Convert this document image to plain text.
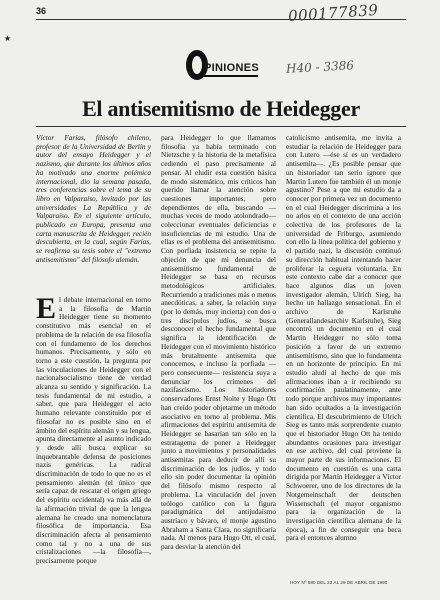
36
★
000177839
H40 - 3386
PINIONES
El antisemitismo de Heidegger

Víctor Farías, filósofo chileno, profesor de la Universidad de Berlín y autor del ensayo Heidegger y el nazismo, que durante los últimos años ha motivado una enorme polémica internacional, dio la semana pasada, tres conferencias sobre el tema de su libro en Valparaíso, invitado por las universidades La República y de Valparaíso. En el siguiente artículo, publicado en Europa, presenta una carta manuscrita de Heidegger, recién descubierta, en la cual, según Farías, se reafirma su tesis sobre el "extremo antisemitismo" del filósofo alemán.

E l debate internacional en torno a la filosofía de Martín Heidegger tiene su momento constitutivo más esencial en el problema de la relación de esa filosofía con el fundamento de los derechos humanos. Precisamente, y sólo en torno a este cuestión, la pregunta por las vinculaciones de Heidegger con el nacionalsocialismo tiene de verdad alcanza su sentido y significación. La tesis fundamental de mi estudio, a saber, que para Heidegger el acto humano relevante constituido por el filosofar no es posible sino en el ámbito del espíritu alemán y su lengua, apunta directamente al asunto indicado y desde allí busca explicar su inquebrantable defensa de posiciones nazis genéricas. La radical discriminación de todo lo que no es el pensamiento alemán (el único que sería capaz de rescatar el origen griego del espíritu occidental) va más allá de la afirmación trivial de que la lengua alemana he creado una nomenclatura filosófica de importancia. Esa discriminación afecta al pensamiento como tal y no a una de sus cristalizaciones —la filosofía—, precisamente porque

para Heidegger lo que llamamos filosofía ya había terminado con Nietzsche y la historia de la metafísica cediendo el paso precisamente al pensar. Al eludir esta cuestión básica de modo sistemático, mis críticos han querido llamar la atención sobre cuestiones importantes, pero dependientes de ella, buscando —muchas veces de modo atolondrado— coleccionar eventuales deficiencias e insuficiencias de mi estudio. Una de ellas es el problema del antisemitismo. Con porfiada insistencia se repite la objeción de que mi denuncia del antisemitismo fundamental de Heidegger se basa en recursos metodológicos artificiales. Recurriendo a tradiciones más o menos anecdóticas, a saber, la relación suya (por lo demás, muy incierta) con dos o tres discípulos judíos, se busca desconocer el hecho fundamental que significa la identificación de Heidegger con el movimiento histórico más brutalmente antisemita que conocemos, e incluso la porfiada —pero consecuente— resistencia suya a denunciar los crímenes del nazifascismo. Los historiadores conservadores Ernst Nolte y Hugo Ott han creído poder objetarme un método asociativo en torno al problema. Mis afirmaciones del espíritu antisemita de Heidegger se basarían tan sólo en la estratagema de poner a Heidegger junto a movimientos y personalidades antisemitas para deducir de allí su discriminación de los judíos, y todo ello sin poder documentar la opinión del filósofo mismo respecto al problema. La vinculación del joven teólogo católico con la figura paradigmática del antijudaísmo austríaco y bávaro, el monje agustino Abraham a Santa Clara, no significaría nada. Al menos para Hugo Ott, el cual, para desviar la atención del

catolicismo antisemita, me invita a estudiar la relación de Heidegger para con Lutero —ése sí es un verdadero antisemita—. ¿Es posible pensar que un historiador tan serio ignore que Martín Lutero fue también él un monje agustino? Pese a que mi estudio da a conocer por primera vez un documento en el cual Heidegger discrimina a los no arios en el contexto de una acción colectiva de los profesores de la universidad de Friburgo, asumiendo con ello la línea política del gobierno y el partido nazi, la discusión continuó su dirección habitual intentando hacer proliferar la ceguera voluntaria. En este contexto cabe dar a conocer que hace algunos días un joven investigador alemán, Ulrich Sieg, ha hecho un hallazgo sensacional. En el archivo de Karlsruhe (Generallandesarchiv Karlsruhe), Sieg encontró un documento en el cual Martín Heidegger no sólo toma posición a favor de un extremo antisemitismo, sino que lo fundamenta en un horizonte de principio. En mi estudio aludí al hecho de que mis afirmaciones iban a ir recibiendo su confirmación paulatinamente, ante todo porque archivos muy importantes han sido ocultados a la investigación científica. El descubrimiento de Ulrich Sieg es tanto más sorprendente cuanto que el historiador Hugo Ott ha tenido abundantes ocasiones para investigar en ese archivo, del cual proviene la mayor parte de sus informaciones. El documento en cuestión es una carta dirigida por Martín Heidegger a Víctor Schwoerer, uno de los directores de la Notgemeinschaft der deutschen Wissenschaft (el mayor organismo para la organización de la investigación científica alemana de la época), a fin de conseguir una beca para el entonces alumno

HOY Nº 680 DEL 23 AL 29 DE ABRIL DE 1990
